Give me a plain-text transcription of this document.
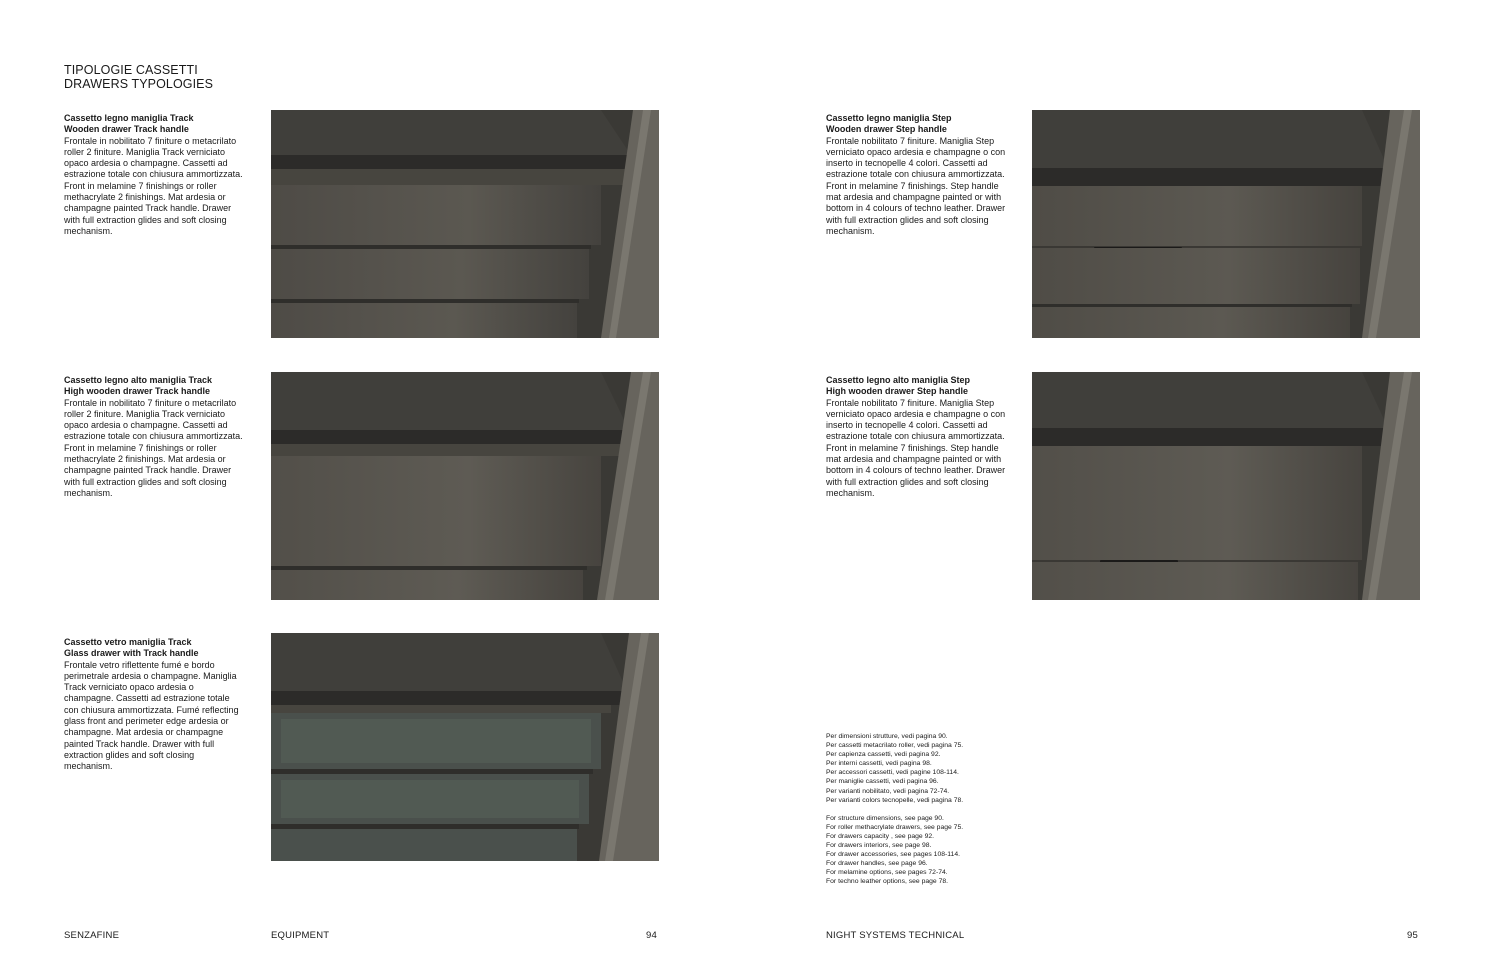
TIPOLOGIE CASSETTI
DRAWERS TYPOLOGIES
Cassetto legno maniglia Track
Wooden drawer Track handle
Frontale in nobilitato 7 finiture o metacrilato roller 2 finiture. Maniglia Track verniciato opaco ardesia o champagne. Cassetti ad estrazione totale con chiusura ammortizzata. Front in melamine 7 finishings or roller methacrylate 2 finishings. Mat ardesia or champagne painted Track handle. Drawer with full extraction glides and soft closing mechanism.
Cassetto legno alto maniglia Track
High wooden drawer Track handle
Frontale in nobilitato 7 finiture o metacrilato roller 2 finiture. Maniglia Track verniciato opaco ardesia o champagne. Cassetti ad estrazione totale con chiusura ammortizzata. Front in melamine 7 finishings or roller methacrylate 2 finishings. Mat ardesia or champagne painted Track handle. Drawer with full extraction glides and soft closing mechanism.
Cassetto vetro maniglia Track
Glass drawer with Track handle
Frontale vetro riflettente fumé e bordo perimetrale ardesia o champagne. Maniglia Track verniciato opaco ardesia o champagne. Cassetti ad estrazione totale con chiusura ammortizzata. Fumé reflecting glass front and perimeter edge ardesia or champagne. Mat ardesia or champagne painted Track handle. Drawer with full extraction glides and soft closing mechanism.
Cassetto legno maniglia Step
Wooden drawer Step handle
Frontale nobilitato 7 finiture. Maniglia Step verniciato opaco ardesia e champagne o con inserto in tecnopelle 4 colori. Cassetti ad estrazione totale con chiusura ammortizzata. Front in melamine 7 finishings. Step handle mat ardesia and champagne painted or with bottom in 4 colours of techno leather. Drawer with full extraction glides and soft closing mechanism.
Cassetto legno alto maniglia Step
High wooden drawer Step handle
Frontale nobilitato 7 finiture. Maniglia Step verniciato opaco ardesia e champagne o con inserto in tecnopelle 4 colori. Cassetti ad estrazione totale con chiusura ammortizzata. Front in melamine 7 finishings. Step handle mat ardesia and champagne painted or with bottom in 4 colours of techno leather. Drawer with full extraction glides and soft closing mechanism.
Per dimensioni strutture, vedi pagina 90.
Per cassetti metacrilato roller, vedi pagina 75.
Per capienza cassetti, vedi pagina 92.
Per interni cassetti, vedi pagina 98.
Per accessori cassetti, vedi pagine 108-114.
Per maniglie cassetti, vedi pagina 96.
Per varianti nobilitato, vedi pagina 72-74.
Per varianti colors tecnopelle, vedi pagina 78.
For structure dimensions, see page 90.
For roller methacrylate drawers, see page 75.
For drawers capacity , see page 92.
For drawers interiors, see page 98.
For drawer accessories, see pages 108-114.
For drawer handles, see page 96.
For melamine options, see pages 72-74.
For techno leather options, see page 78.
SENZAFINE	EQUIPMENT	94	NIGHT SYSTEMS TECHNICAL	95
